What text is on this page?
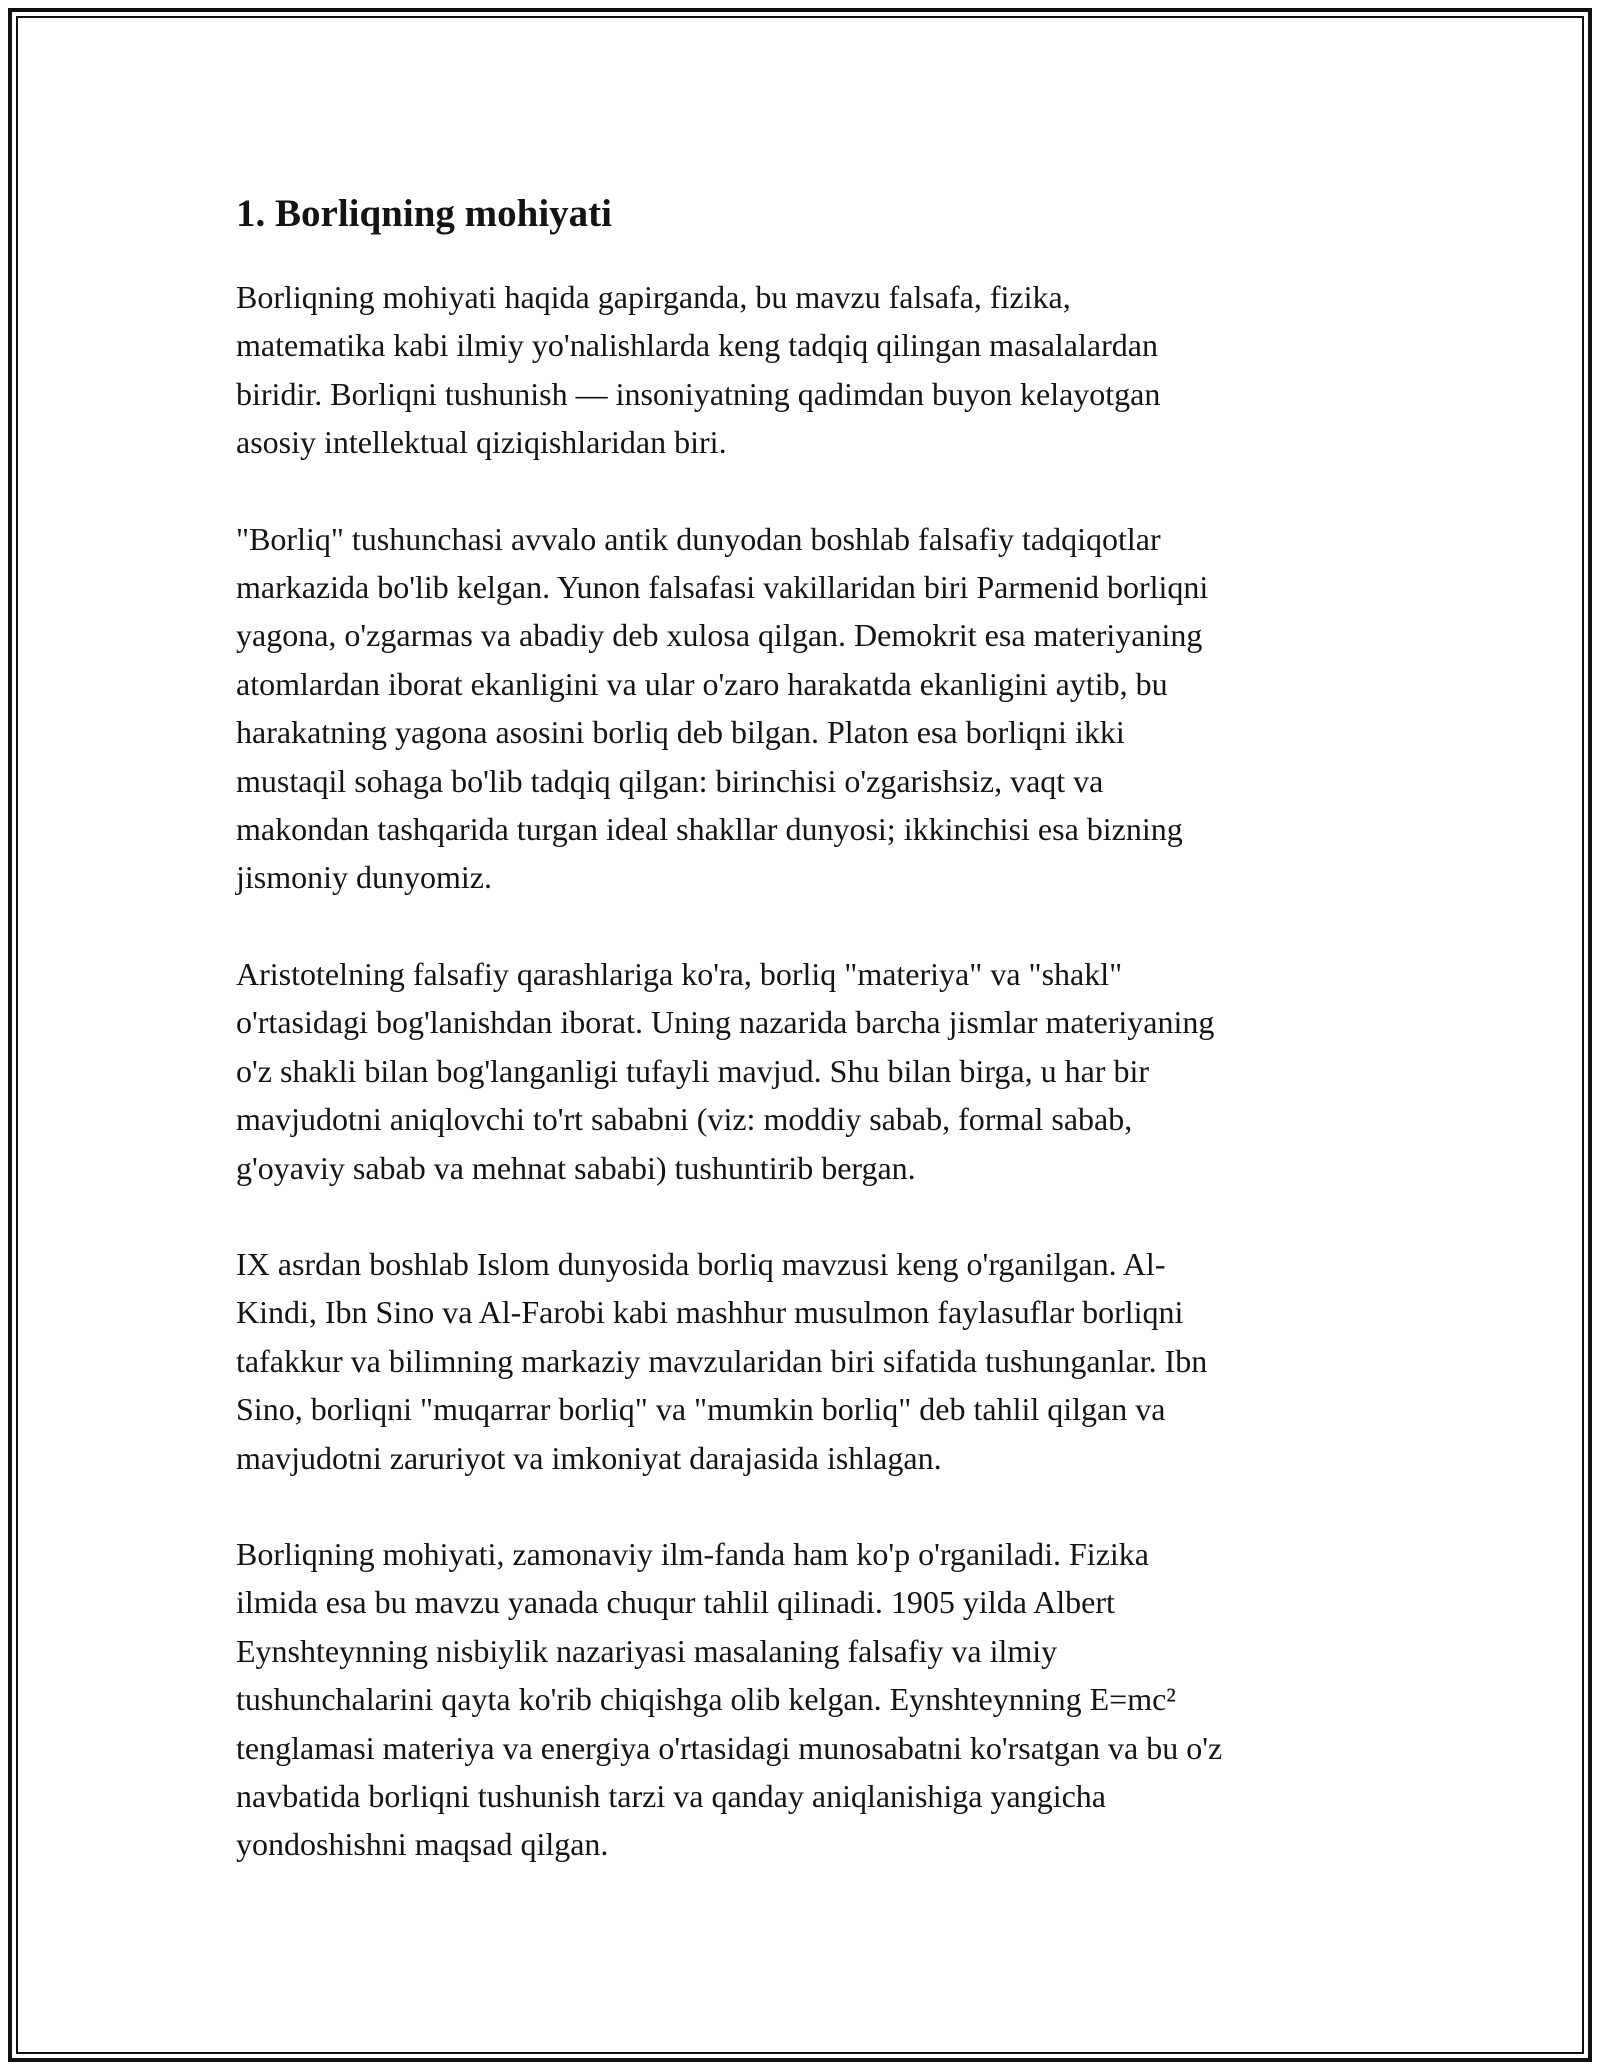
1. Borliqning mohiyati

Borliqning mohiyati haqida gapirganda, bu mavzu falsafa, fizika,
matematika kabi ilmiy yo'nalishlarda keng tadqiq qilingan masalalardan
biridir. Borliqni tushunish — insoniyatning qadimdan buyon kelayotgan
asosiy intellektual qiziqishlaridan biri.

"Borliq" tushunchasi avvalo antik dunyodan boshlab falsafiy tadqiqotlar
markazida bo'lib kelgan. Yunon falsafasi vakillaridan biri Parmenid borliqni
yagona, o'zgarmas va abadiy deb xulosa qilgan. Demokrit esa materiyaning
atomlardan iborat ekanligini va ular o'zaro harakatda ekanligini aytib, bu
harakatning yagona asosini borliq deb bilgan. Platon esa borliqni ikki
mustaqil sohaga bo'lib tadqiq qilgan: birinchisi o'zgarishsiz, vaqt va
makondan tashqarida turgan ideal shakllar dunyosi; ikkinchisi esa bizning
jismoniy dunyomiz.

Aristotelning falsafiy qarashlariga ko'ra, borliq "materiya" va "shakl"
o'rtasidagi bog'lanishdan iborat. Uning nazarida barcha jismlar materiyaning
o'z shakli bilan bog'langanligi tufayli mavjud. Shu bilan birga, u har bir
mavjudotni aniqlovchi to'rt sababni (viz: moddiy sabab, formal sabab,
g'oyaviy sabab va mehnat sababi) tushuntirib bergan.

IX asrdan boshlab Islom dunyosida borliq mavzusi keng o'rganilgan. Al-
Kindi, Ibn Sino va Al-Farobi kabi mashhur musulmon faylasuflar borliqni
tafakkur va bilimning markaziy mavzularidan biri sifatida tushunganlar. Ibn
Sino, borliqni "muqarrar borliq" va "mumkin borliq" deb tahlil qilgan va
mavjudotni zaruriyot va imkoniyat darajasida ishlagan.

Borliqning mohiyati, zamonaviy ilm-fanda ham ko'p o'rganiladi. Fizika
ilmida esa bu mavzu yanada chuqur tahlil qilinadi. 1905 yilda Albert
Eynshteynning nisbiylik nazariyasi masalaning falsafiy va ilmiy
tushunchalarini qayta ko'rib chiqishga olib kelgan. Eynshteynning E=mc²
tenglamasi materiya va energiya o'rtasidagi munosabatni ko'rsatgan va bu o'z
navbatida borliqni tushunish tarzi va qanday aniqlanishiga yangicha
yondoshishni maqsad qilgan.
